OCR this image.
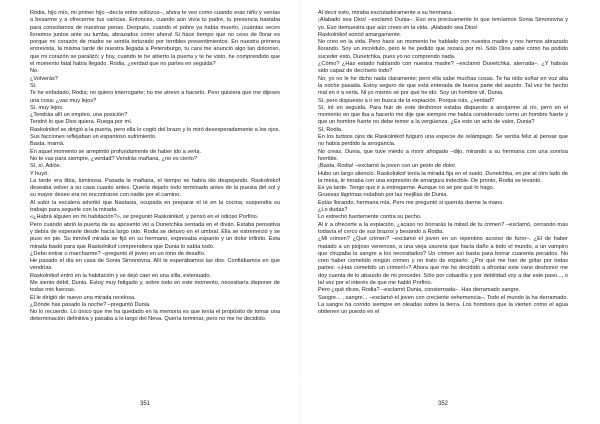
Rodia, hijo mío, mi primer hijo –decía entre sollozos–, ahora te veo como cuando eras niño y venías a besarme y a ofrecerme tus caricias. Entonces, cuando aún vivía tu padre, tu presencia bastaba para consolarnos de nuestras penas. Después, cuando el pobre ya había muerto, ¡cuántas veces lloramos juntos ante su tumba, abrazados como ahora! Si hace tiempo que no ceso de llorar es porque mi corazón de madre se sentía torturado por terribles presentimientos. En nuestra primera entrevista, la misma tarde de nuestra llegada a Petersburgo, tu cara me anunció algo tan doloroso, que mi corazón se paralizó; y hoy, cuando te he abierto la puerta y te he visto, he comprendido que el momento fatal había llegado. Rodia, ¿verdad que no partes en seguida?

No.

¿Volverás?

Sí.

Te he enfadado, Rodia; no quiero interrogarte; no me atrevo a hacerlo. Pero quisiera que me dijeses una cosa: ¿vas muy lejos?

Sí, muy lejos.

¿Tendrás allí un empleo, una posición?

Tendré lo que Dios quiera. Ruega por mí.

Raskolnikof se dirigió a la puerta, pero ella lo cogió del brazo y lo miró desesperadamente a los ojos. Sus facciones reflejaban un espantoso sufrimiento.

Basta, mamá.

En aquel momento se arrepintió profundamente de haber ido a verla.

No te vas para siempre, ¿verdad? Vendrás mañana, ¿no es cierto?

Sí, sí. Adiós.

Y huyó.

La tarde era tibia, luminosa. Pasada la mañana, el tiempo se había ido despejando. Raskolnikof deseaba volver a su casa cuanto antes. Quería dejarlo todo terminado antes de la puesta del sol y su mayor deseo era no encontrarse con nadie por el camino.

Al subir la escalera advirtió que Nastasia, ocupada en preparar el té en la cocina, suspendía su trabajo para seguirle con la mirada.

«¿Habrá alguien en mi habitación?», se preguntó Raskolnikof, y pensó en el odioso Porfirio.

Pero cuando abrió la puerta de su aposento vio a Dunetchka sentada en el diván. Estaba pensativa y debía de esperarle desde hacía largo rato. Rodia se detuvo en el umbral. Ella se estremeció y se puso en pie. Su inmóvil mirada se fijó en su hermano, expresaba espanto y un dolor infinito. Esta mirada bastó para que Raskolnikof comprendiera que Dunia lo sabía todo.

¿Debo entrar o marcharme? –preguntó él joven en un tono de desafío.

He pasado el día en casa de Sonia Simonovna. Allí te esperábamos las dos. Confiábamos en que vendrías.

Raskolnikof entró en la habitación y se dejó caer en una silla, extenuado.

Me siento débil, Dunia. Estoy muy fatigado y, sobre todo en este momento, necesitaría disponer de todas mis fuerzas.

Él le dirigió de nuevo una mirada recelosa.

¿Dónde has pasado la noche? –preguntó Dunia.

No lo recuerdo. Lo único que me ha quedado en la memoria es que tenía el propósito de tomar una determinación definitiva y pasaba a lo largo del Neva. Quería terminar, pero no me he decidido.

351

Al decir esto, miraba escrutadoramente a su hermana.

¡Alabado sea Dios! –exclamó Dunia–. Eso era precisamente lo que temíamos Sonia Simonovna y yo. Eso demuestra que aún crees en la vida. ¡Alabado sea Dios!

Raskolnikof sonrió amargamente.

No creo en la vida. Pero hace un momento he hablado con nuestra madre y nos hemos abrazado llorando. Soy un incrédulo, pero le he pedido que rezara por mí. Sólo Dios sabe cómo ha podido suceder esto, Dunetchka, pues yo no comprendo nada.

¿Cómo? ¿Has estado hablando con nuestra madre? –exclamó Dunetchka, aterrada–. ¿Y habrás sido capaz de decírselo todo?

No; yo no le he dicho nada claramente; pero ella sabe muchas cosas. Te ha oído soñar en voz alta la noche pasada. Estoy seguro de que está enterada de buena parte del asunto. Tal vez he hecho mal en ir a verla. Ni yo mismo sé por qué he ido. Soy un hombre vil, Dunia.

Sí, pero dispuesto a ir en busca de la expiación. Porque irás, ¿verdad?

Sí, iré en seguida. Para huir de este deshonor estaba dispuesto a arrojarme al río, pero en el momento en que iba a hacerlo me dije que siempre me había considerado como un hombre fuerte y que un hombre fuerte no debe temer a la vergüenza. ¿Es esto un acto de valor, Dunia?

Sí, Rodia.

En los turbios ojos de Raskolnikof fulguró una especie de relámpago. Se sentía feliz al pensar que no había perdido la arrogancia.

No creas, Dunia, que tuve miedo a morir ahogado –dijo, mirando a su hermana con una sonrisa horrible.

¡Basta, Rodia! –exclamó la joven con un gesto de dolor.

Hubo un largo silencio. Raskolnikof tenía la mirada fija en el suelo. Dunetchka, en pie al otro lado de la mesa, le miraba con una expresión de amargura indecible. De pronto, Rodia se levantó.

Es ya tarde. Tengo que ir a entregarme. Aunque no sé por qué lo hago.

Gruesas lágrimas rodaban por las mejillas de Dunia.

Estás llorando, hermana mía. Pero me preguntó si querrás darme la mano.

¿Lo dudas?

Lo estrechó fuertemente contra su pecho.

Al ir a ofrecerte a la expiación, ¿acaso no borrarás la mitad de tu crimen? –exclamó, cerrando más todavía el cerco de sus brazos y besando a Rodia.

¿Mi crimen? ¿Qué crimen? –exclamó el joven en un repentino acceso de furor–. ¿El de haber matado a un piojoso venenoso, a una vieja usurera que hacía daño a todo el mundo, a un vampiro que chupaba la sangre a los necesitados? Un crimen así basta para borrar cuarenta pecados. No creo haber cometido ningún crimen y no trato de expiarlo. ¿Por qué me han de gritar por todas partes: «¡Has cometido un crimen!»? Ahora que me he decidido a afrontar este vano deshonor me doy cuenta de lo absurdo de mi proceder. Sólo por cobardía y por debilidad voy a dar este paso..., o tal vez por el interés de que me habló Porfirio.

Pero ¿qué dices, Rodia? –exclamó Dunia, consternada–. Has derramado sangre.

Sangre... , sangre... –exclamó el joven con creciente vehemencia–. Todo el mundo la ha derramado. La sangre ha corrido siempre en oleadas sobre la tierra. Los hombres que la vierten como el agua obtienen un puesto en el

352
